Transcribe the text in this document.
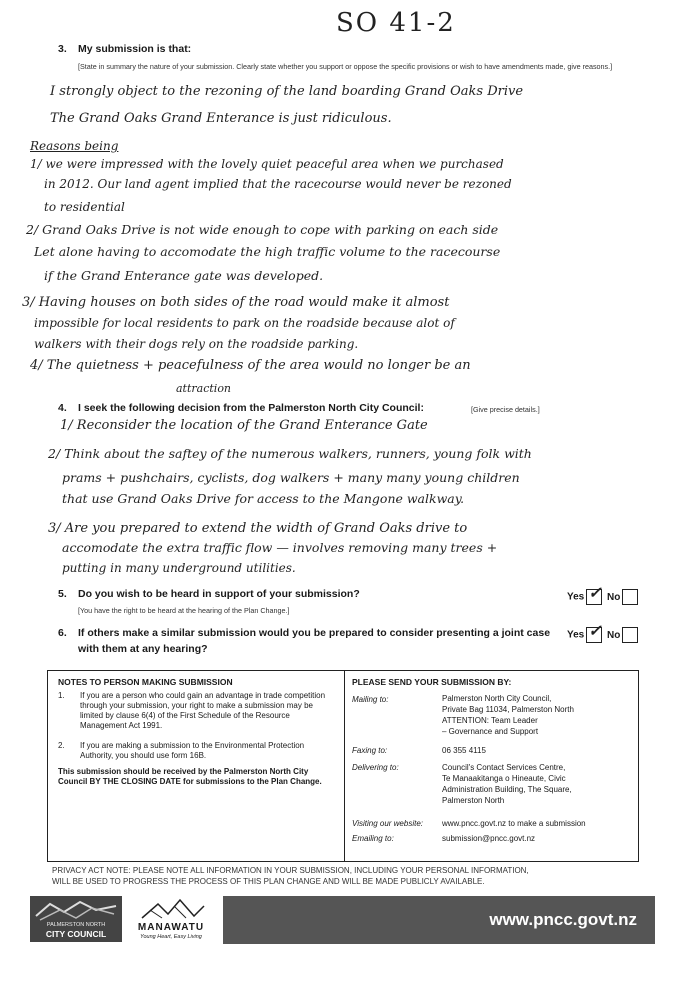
SO 41-2
3. My submission is that:
[State in summary the nature of your submission. Clearly state whether you support or oppose the specific provisions or wish to have amendments made, give reasons.]
I strongly object to the rezoning of the land boarding Grand Oaks Drive
The Grand Oaks Grand Enterance is just ridiculous.
Reasons being
1/ we were impressed with the lovely quiet peaceful area when we purchased
in 2012. Our land agent implied that the racecourse would never be rezoned
to residential
2/ Grand Oaks Drive is not wide enough to cope with parking on each side
Let alone having to accomodate the high traffic volume to the racecourse
if the Grand Enterance gate was developed.
3/ Having houses on both sides of the road would make it almost
impossible for local residents to park on the roadside because alot of
walkers with their dogs rely on the roadside parking.
4/ The quietness + peacefulness of the area would no longer be an
attraction
4. I seek the following decision from the Palmerston North City Council:	[Give precise details.]
1/ Reconsider the location of the Grand Enterance Gate
2/ Think about the saftey of the numerous walkers, runners, young folk with
prams + pushchairs, cyclists, dog walkers + many many young children
that use Grand Oaks Drive for access to the Mangone walkway.
3/ Are you prepared to extend the width of Grand Oaks drive to
accomodate the extra traffic flow — involves removing many trees +
putting in many underground utilities.
5. Do you wish to be heard in support of your submission?
[You have the right to be heard at the hearing of the Plan Change.]
Yes ✓ No
6. If others make a similar submission would you be prepared to consider presenting a joint case
with them at any hearing?
Yes ✓ No
NOTES TO PERSON MAKING SUBMISSION
1. If you are a person who could gain an advantage in trade competition through your submission, your right to make a submission may be limited by clause 6(4) of the First Schedule of the Resource Management Act 1991.
2. If you are making a submission to the Environmental Protection Authority, you should use form 16B.
This submission should be received by the Palmerston North City Council BY THE CLOSING DATE for submissions to the Plan Change.
PLEASE SEND YOUR SUBMISSION BY:
Mailing to:	Palmerston North City Council,
Private Bag 11034, Palmerston North
ATTENTION: Team Leader
– Governance and Support
Faxing to:	06 355 4115
Delivering to:	Council's Contact Services Centre,
Te Manaakitanga o Hineaute, Civic
Administration Building, The Square,
Palmerston North
Visiting our website: www.pncc.govt.nz to make a submission
Emailing to:	submission@pncc.govt.nz
PRIVACY ACT NOTE: PLEASE NOTE ALL INFORMATION IN YOUR SUBMISSION, INCLUDING YOUR PERSONAL INFORMATION,
WILL BE USED TO PROGRESS THE PROCESS OF THIS PLAN CHANGE AND WILL BE MADE PUBLICLY AVAILABLE.
PALMERSTON NORTH
CITY COUNCIL
MANAWATU
Young Heart, Easy Living
www.pncc.govt.nz
